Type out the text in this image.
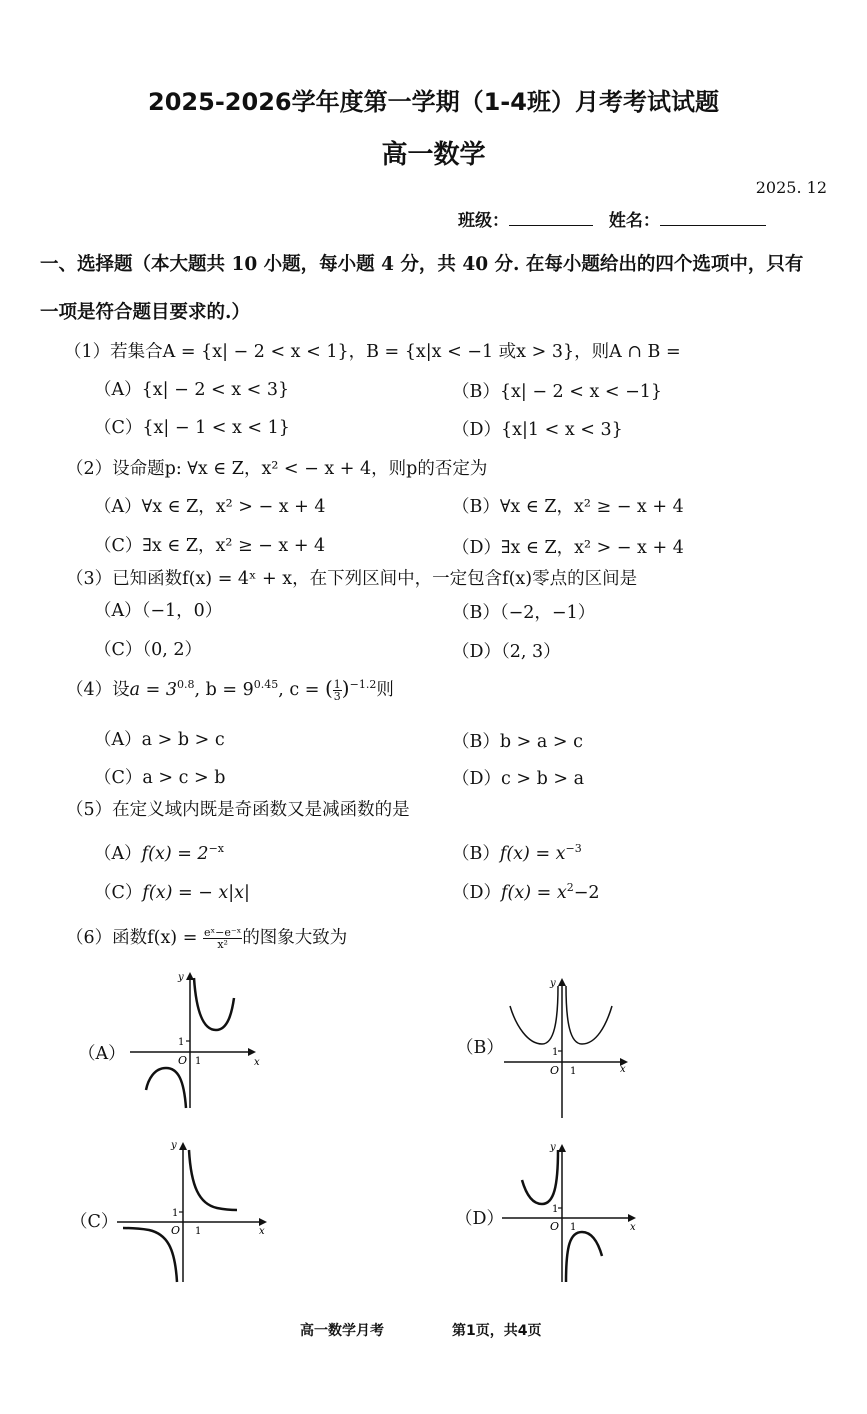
2025-2026学年度第一学期（1-4班）月考考试试题
高一数学
2025. 12
班级：	姓名：
一、选择题（本大题共 10 小题，每小题 4 分，共 40 分. 在每小题给出的四个选项中，只有
一项是符合题目要求的.）
（1）若集合A = {x| − 2 < x < 1}，B = {x|x < −1 或x > 3}，则A ∩ B =
（A）{x| − 2 < x < 3}	（B）{x| − 2 < x < −1}
（C）{x| − 1 < x < 1}	（D）{x|1 < x < 3}
（2）设命题p: ∀x ∈ Z，x² < − x + 4，则p的否定为
（A）∀x ∈ Z，x² > − x + 4	（B）∀x ∈ Z，x² ≥ − x + 4
（C）∃x ∈ Z，x² ≥ − x + 4	（D）∃x ∈ Z，x² > − x + 4
（3）已知函数f(x) = 4ˣ + x，在下列区间中，一定包含f(x)零点的区间是
（A）（−1，0）	（B）（−2，−1）
（C）（0, 2）	（D）（2, 3）
（4）设$a = 3^{0.8}$, $b = 9^{0.45}$, c = ( $\frac{1}{3} )^{-1.2}$则
（A）a > b > c	（B）b > a > c
（C）a > c > b	（D）c > b > a
（5）在定义域内既是奇函数又是减函数的是
$(A)f(x) = 2^{-x}$	$(B)f(x) = x^{-3}$
（C）f(x) = − x|x|	$(D)f(x) = x^2-2$
（6）函数$f(x) = \frac{\text{eˣ−e⁻ˣ}}{\text{x²}}$ 的图象大致为
（A）	（B）
（C）	（D）
1
1
O	x
y
1
1
O	x
y
1
1
O	x
y
1
1
O	x
y
高一数学月考	第1页，共4页
